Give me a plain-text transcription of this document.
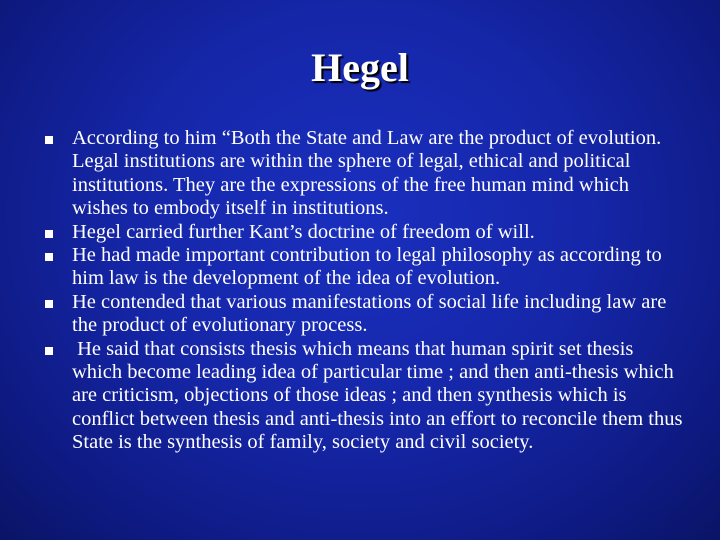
Hegel
According to him “Both the State and Law are the product of evolution. Legal institutions are within the sphere of legal, ethical and political institutions. They are the expressions of the free human mind which wishes to embody itself in institutions.
Hegel carried further Kant’s doctrine of freedom of will.
He had made important contribution to legal philosophy as according to him law is the development of the idea of evolution.
He contended that various manifestations of social life including law are the product of evolutionary process.
He said that consists thesis which means that human spirit set thesis which become leading idea of particular time ; and then anti-thesis which are criticism, objections of those ideas ; and then synthesis which is conflict between thesis and anti-thesis into an effort to reconcile them thus State is the synthesis of family, society and civil society.
